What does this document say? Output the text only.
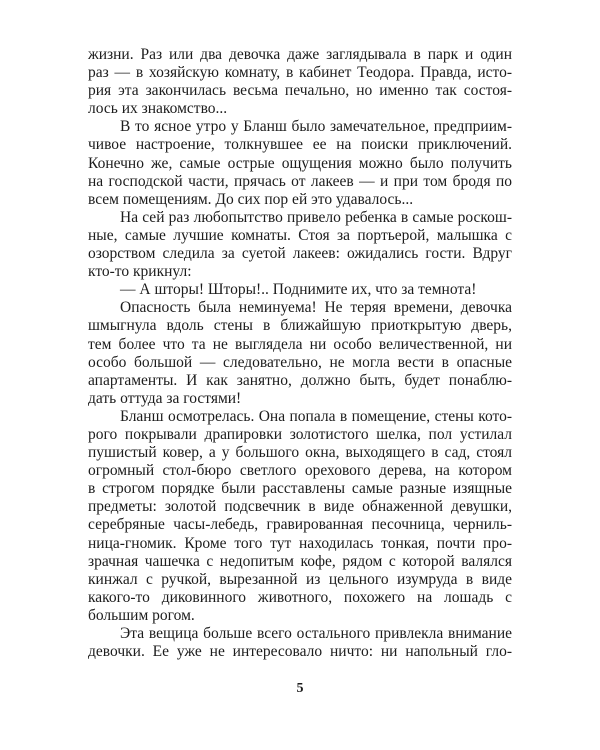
жизни. Раз или два девочка даже заглядывала в парк и один
раз — в хозяйскую комнату, в кабинет Теодора. Правда, исто-
рия эта закончилась весьма печально, но именно так состоя-
лось их знакомство...
В то ясное утро у Бланш было замечательное, предприим-
чивое настроение, толкнувшее ее на поиски приключений.
Конечно же, самые острые ощущения можно было получить
на господской части, прячась от лакеев — и при том бродя по
всем помещениям. До сих пор ей это удавалось...
На сей раз любопытство привело ребенка в самые роскош-
ные, самые лучшие комнаты. Стоя за портьерой, малышка с
озорством следила за суетой лакеев: ожидались гости. Вдруг
кто-то крикнул:
— А шторы! Шторы!.. Поднимите их, что за темнота!
Опасность была неминуема! Не теряя времени, девочка
шмыгнула вдоль стены в ближайшую приоткрытую дверь,
тем более что та не выглядела ни особо величественной, ни
особо большой — следовательно, не могла вести в опасные
апартаменты. И как занятно, должно быть, будет понаблю-
дать оттуда за гостями!
Бланш осмотрелась. Она попала в помещение, стены кото-
рого покрывали драпировки золотистого шелка, пол устилал
пушистый ковер, а у большого окна, выходящего в сад, стоял
огромный стол-бюро светлого орехового дерева, на котором
в строгом порядке были расставлены самые разные изящные
предметы: золотой подсвечник в виде обнаженной девушки,
серебряные часы-лебедь, гравированная песочница, черниль-
ница-гномик. Кроме того тут находилась тонкая, почти про-
зрачная чашечка с недопитым кофе, рядом с которой валялся
кинжал с ручкой, вырезанной из цельного изумруда в виде
какого-то диковинного животного, похожего на лошадь с
большим рогом.
Эта вещица больше всего остального привлекла внимание
девочки. Ее уже не интересовало ничто: ни напольный гло-
5
